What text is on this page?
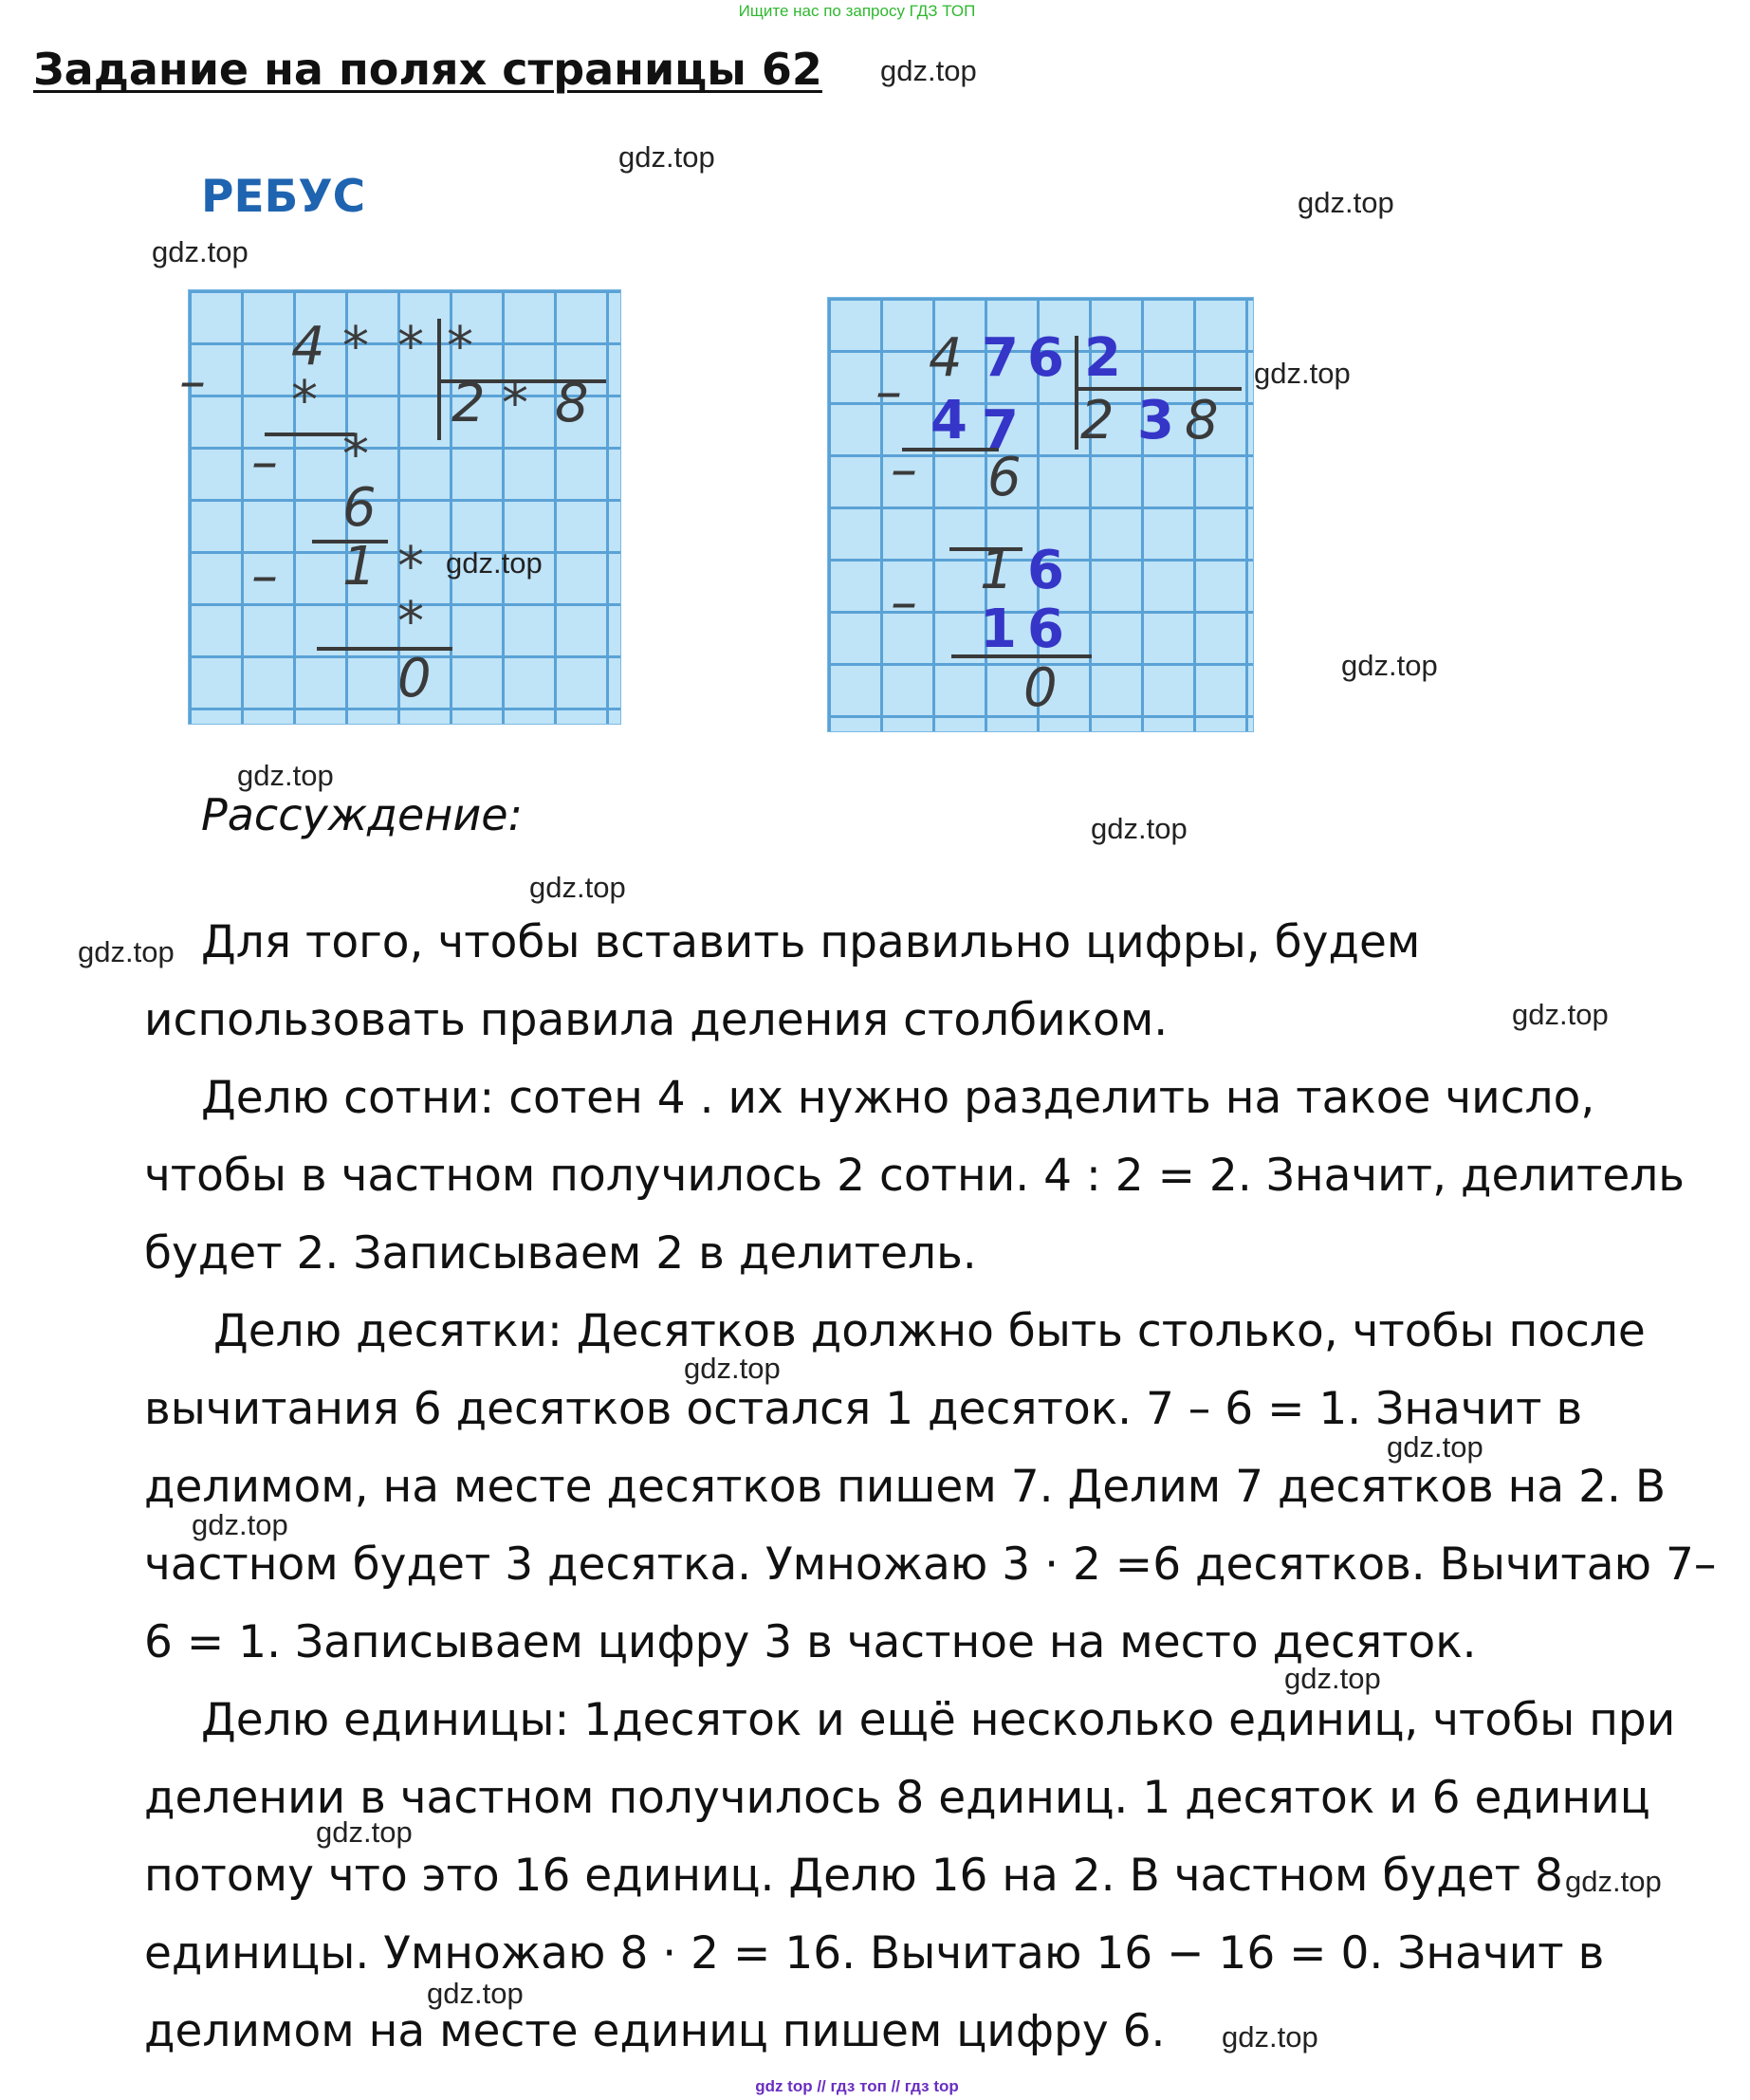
Ищите нас по запросу ГДЗ ТОП
Задание на полях страницы 62
РЕБУС
–
4 * * *
2 * 8
*
– *
6
– 1 *
*
0
–
4
– 6
2 8
–
1
0
7 6 2
3
4 7
6
1 6
Рассуждение:
Для того, чтобы вставить правильно цифры, будем
использовать правила деления столбиком.
Делю сотни: сотен 4 . их нужно разделить на такое число,
чтобы в частном получилось 2 сотни. 4 : 2 = 2. Значит, делитель
будет 2. Записываем 2 в делитель.
Делю десятки: Десятков должно быть столько, чтобы после
вычитания 6 десятков остался 1 десяток. 7 – 6 = 1. Значит в
делимом, на месте десятков пишем 7. Делим 7 десятков на 2. В
частном будет 3 десятка. Умножаю 3 · 2 =6 десятков. Вычитаю 7–
6 = 1. Записываем цифру 3 в частное на место десяток.
Делю единицы: 1десяток и ещё несколько единиц, чтобы при
делении в частном получилось 8 единиц. 1 десяток и 6 единиц
потому что это 16 единиц. Делю 16 на 2. В частном будет 8
единицы. Умножаю 8 · 2 = 16. Вычитаю 16 − 16 = 0. Значит в
делимом на месте единиц пишем цифру 6.
gdz.top
gdz.top
gdz.top
gdz.top
gdz.top
gdz.top
gdz.top
gdz.top
gdz.top
gdz.top
gdz.top
gdz.top
gdz.top
gdz.top
gdz.top
gdz.top
gdz.top
gdz.top
gdz.top
gdz.top
gdz top // гдз топ // гдз top
